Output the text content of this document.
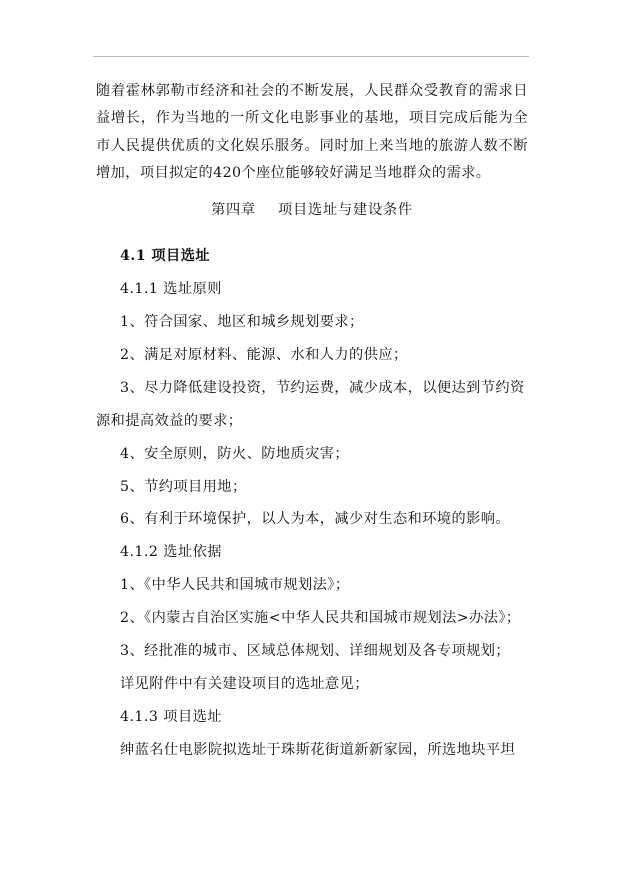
随着霍林郭勒市经济和社会的不断发展，人民群众受教育的需求日益增长，作为当地的一所文化电影事业的基地，项目完成后能为全市人民提供优质的文化娱乐服务。同时加上来当地的旅游人数不断增加，项目拟定的420个座位能够较好满足当地群众的需求。

第四章 项目选址与建设条件
4.1 项目选址
4.1.1 选址原则
1、符合国家、地区和城乡规划要求；
2、满足对原材料、能源、水和人力的供应；
3、尽力降低建设投资，节约运费，减少成本，以便达到节约资
源和提高效益的要求；
4、安全原则，防火、防地质灾害；
5、节约项目用地；
6、有利于环境保护，以人为本，减少对生态和环境的影响。
4.1.2 选址依据
1、《中华人民共和国城市规划法》；
2、《内蒙古自治区实施<中华人民共和国城市规划法>办法》；
3、经批准的城市、区域总体规划、详细规划及各专项规划；
详见附件中有关建设项目的选址意见；
4.1.3 项目选址
绅蓝名仕电影院拟选址于珠斯花街道新新家园，所选地块平坦
